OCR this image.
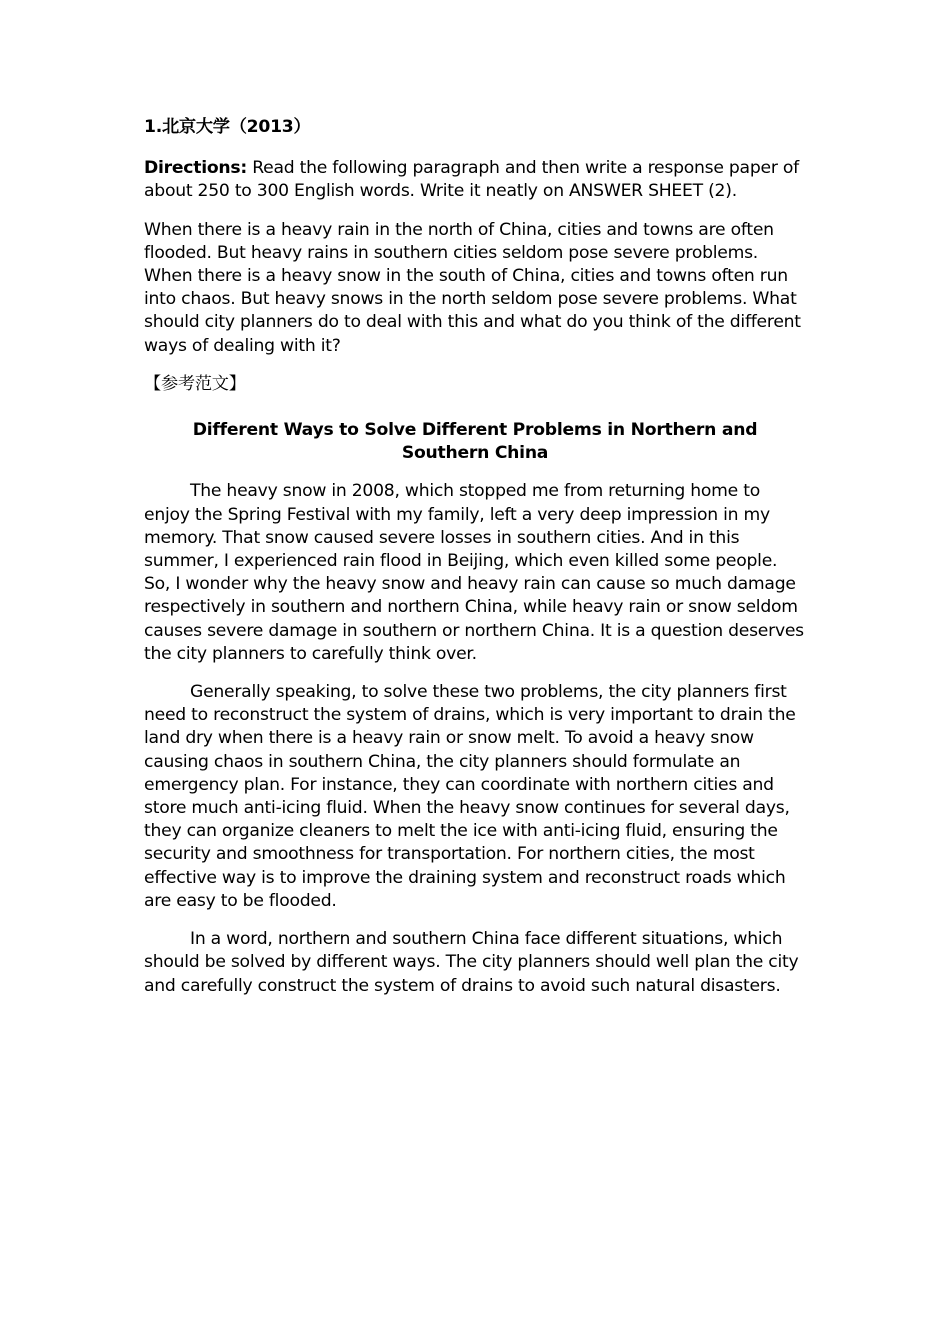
1.北京大学（2013）

Directions: Read the following paragraph and then write a response paper of about 250 to 300 English words. Write it neatly on ANSWER SHEET (2).

When there is a heavy rain in the north of China, cities and towns are often flooded. But heavy rains in southern cities seldom pose severe problems. When there is a heavy snow in the south of China, cities and towns often run into chaos. But heavy snows in the north seldom pose severe problems. What should city planners do to deal with this and what do you think of the different ways of dealing with it?

【参考范文】

Different Ways to Solve Different Problems in Northern and Southern China

The heavy snow in 2008, which stopped me from returning home to enjoy the Spring Festival with my family, left a very deep impression in my memory. That snow caused severe losses in southern cities. And in this summer, I experienced rain flood in Beijing, which even killed some people. So, I wonder why the heavy snow and heavy rain can cause so much damage respectively in southern and northern China, while heavy rain or snow seldom causes severe damage in southern or northern China. It is a question deserves the city planners to carefully think over.

Generally speaking, to solve these two problems, the city planners first need to reconstruct the system of drains, which is very important to drain the land dry when there is a heavy rain or snow melt. To avoid a heavy snow causing chaos in southern China, the city planners should formulate an emergency plan. For instance, they can coordinate with northern cities and store much anti-icing fluid. When the heavy snow continues for several days, they can organize cleaners to melt the ice with anti-icing fluid, ensuring the security and smoothness for transportation. For northern cities, the most effective way is to improve the draining system and reconstruct roads which are easy to be flooded.

In a word, northern and southern China face different situations, which should be solved by different ways. The city planners should well plan the city and carefully construct the system of drains to avoid such natural disasters.
